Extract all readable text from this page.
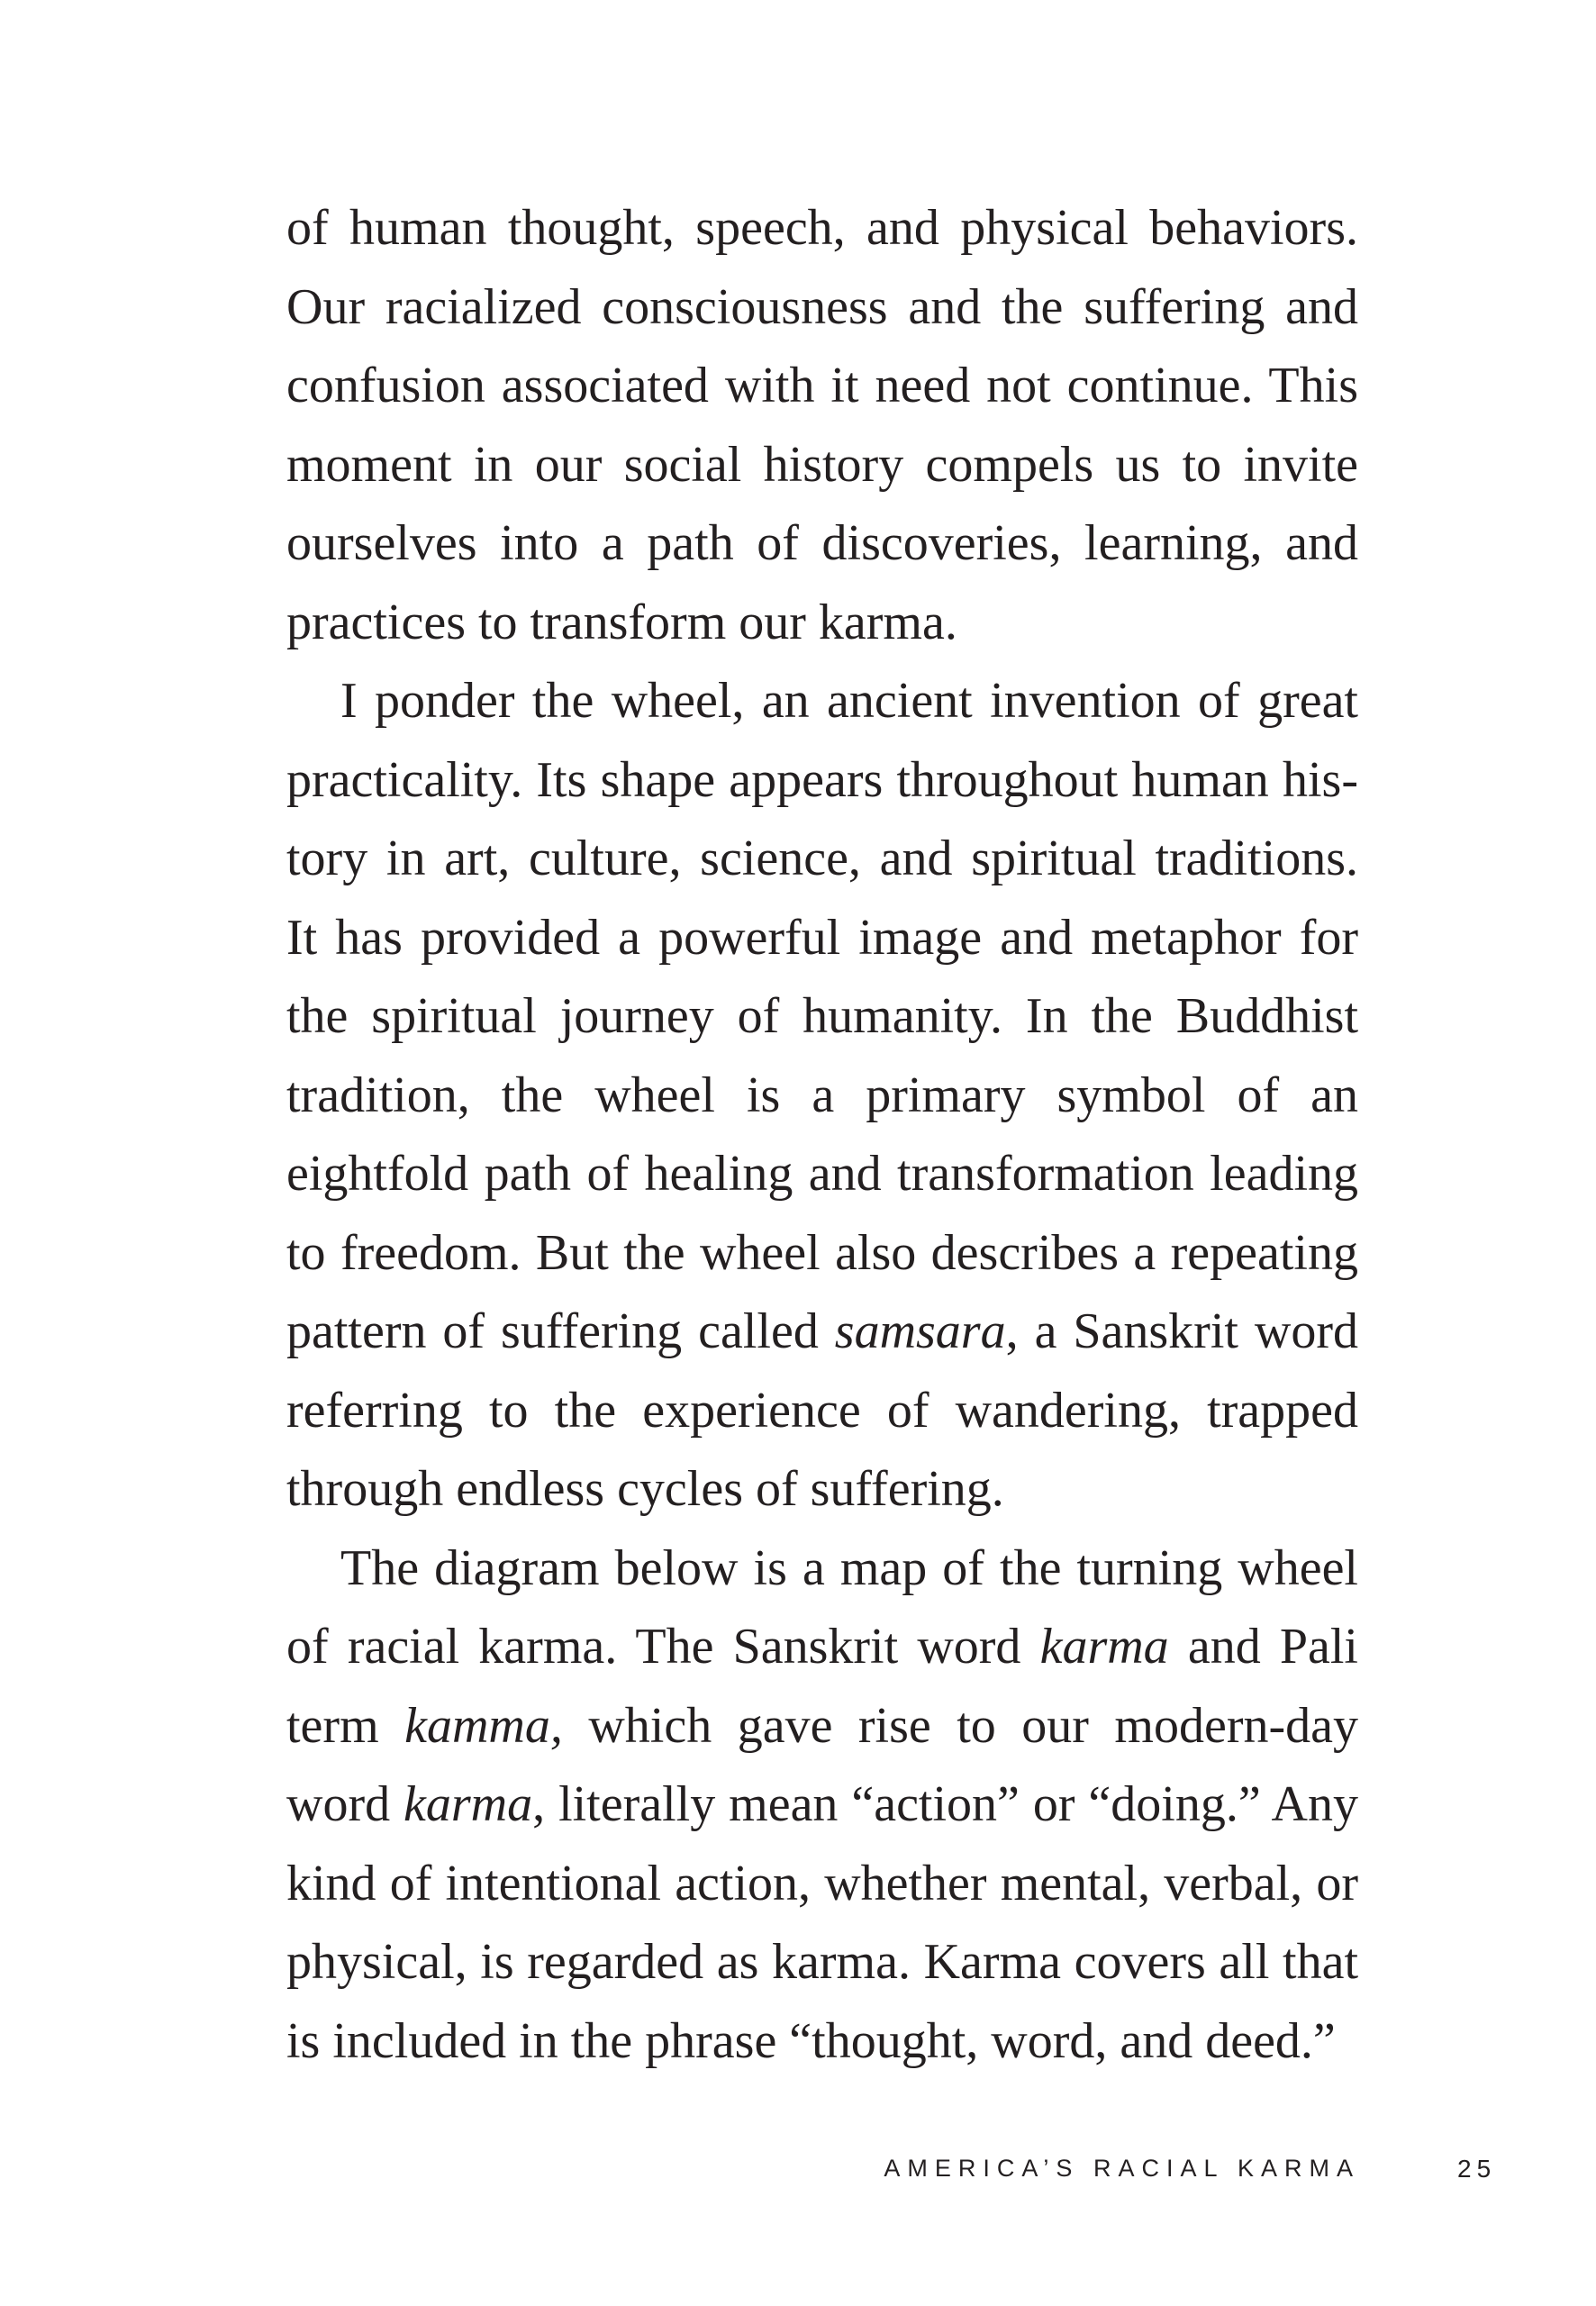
of human thought, speech, and physical behaviors. Our racialized consciousness and the suffering and confusion associated with it need not continue. This moment in our social history compels us to invite ourselves into a path of discoveries, learning, and practices to transform our karma.

I ponder the wheel, an ancient invention of great practicality. Its shape appears throughout human history in art, culture, science, and spiritual traditions. It has provided a powerful image and metaphor for the spiritual journey of humanity. In the Buddhist tradition, the wheel is a primary symbol of an eightfold path of healing and transformation leading to freedom. But the wheel also describes a repeating pattern of suffering called samsara, a Sanskrit word referring to the experience of wandering, trapped through endless cycles of suffering.

The diagram below is a map of the turning wheel of racial karma. The Sanskrit word karma and Pali term kamma, which gave rise to our modern-day word karma, literally mean “action” or “doing.” Any kind of intentional action, whether mental, verbal, or physical, is regarded as karma. Karma covers all that is included in the phrase “thought, word, and deed.”

AMERICA’S RACIAL KARMA	25
